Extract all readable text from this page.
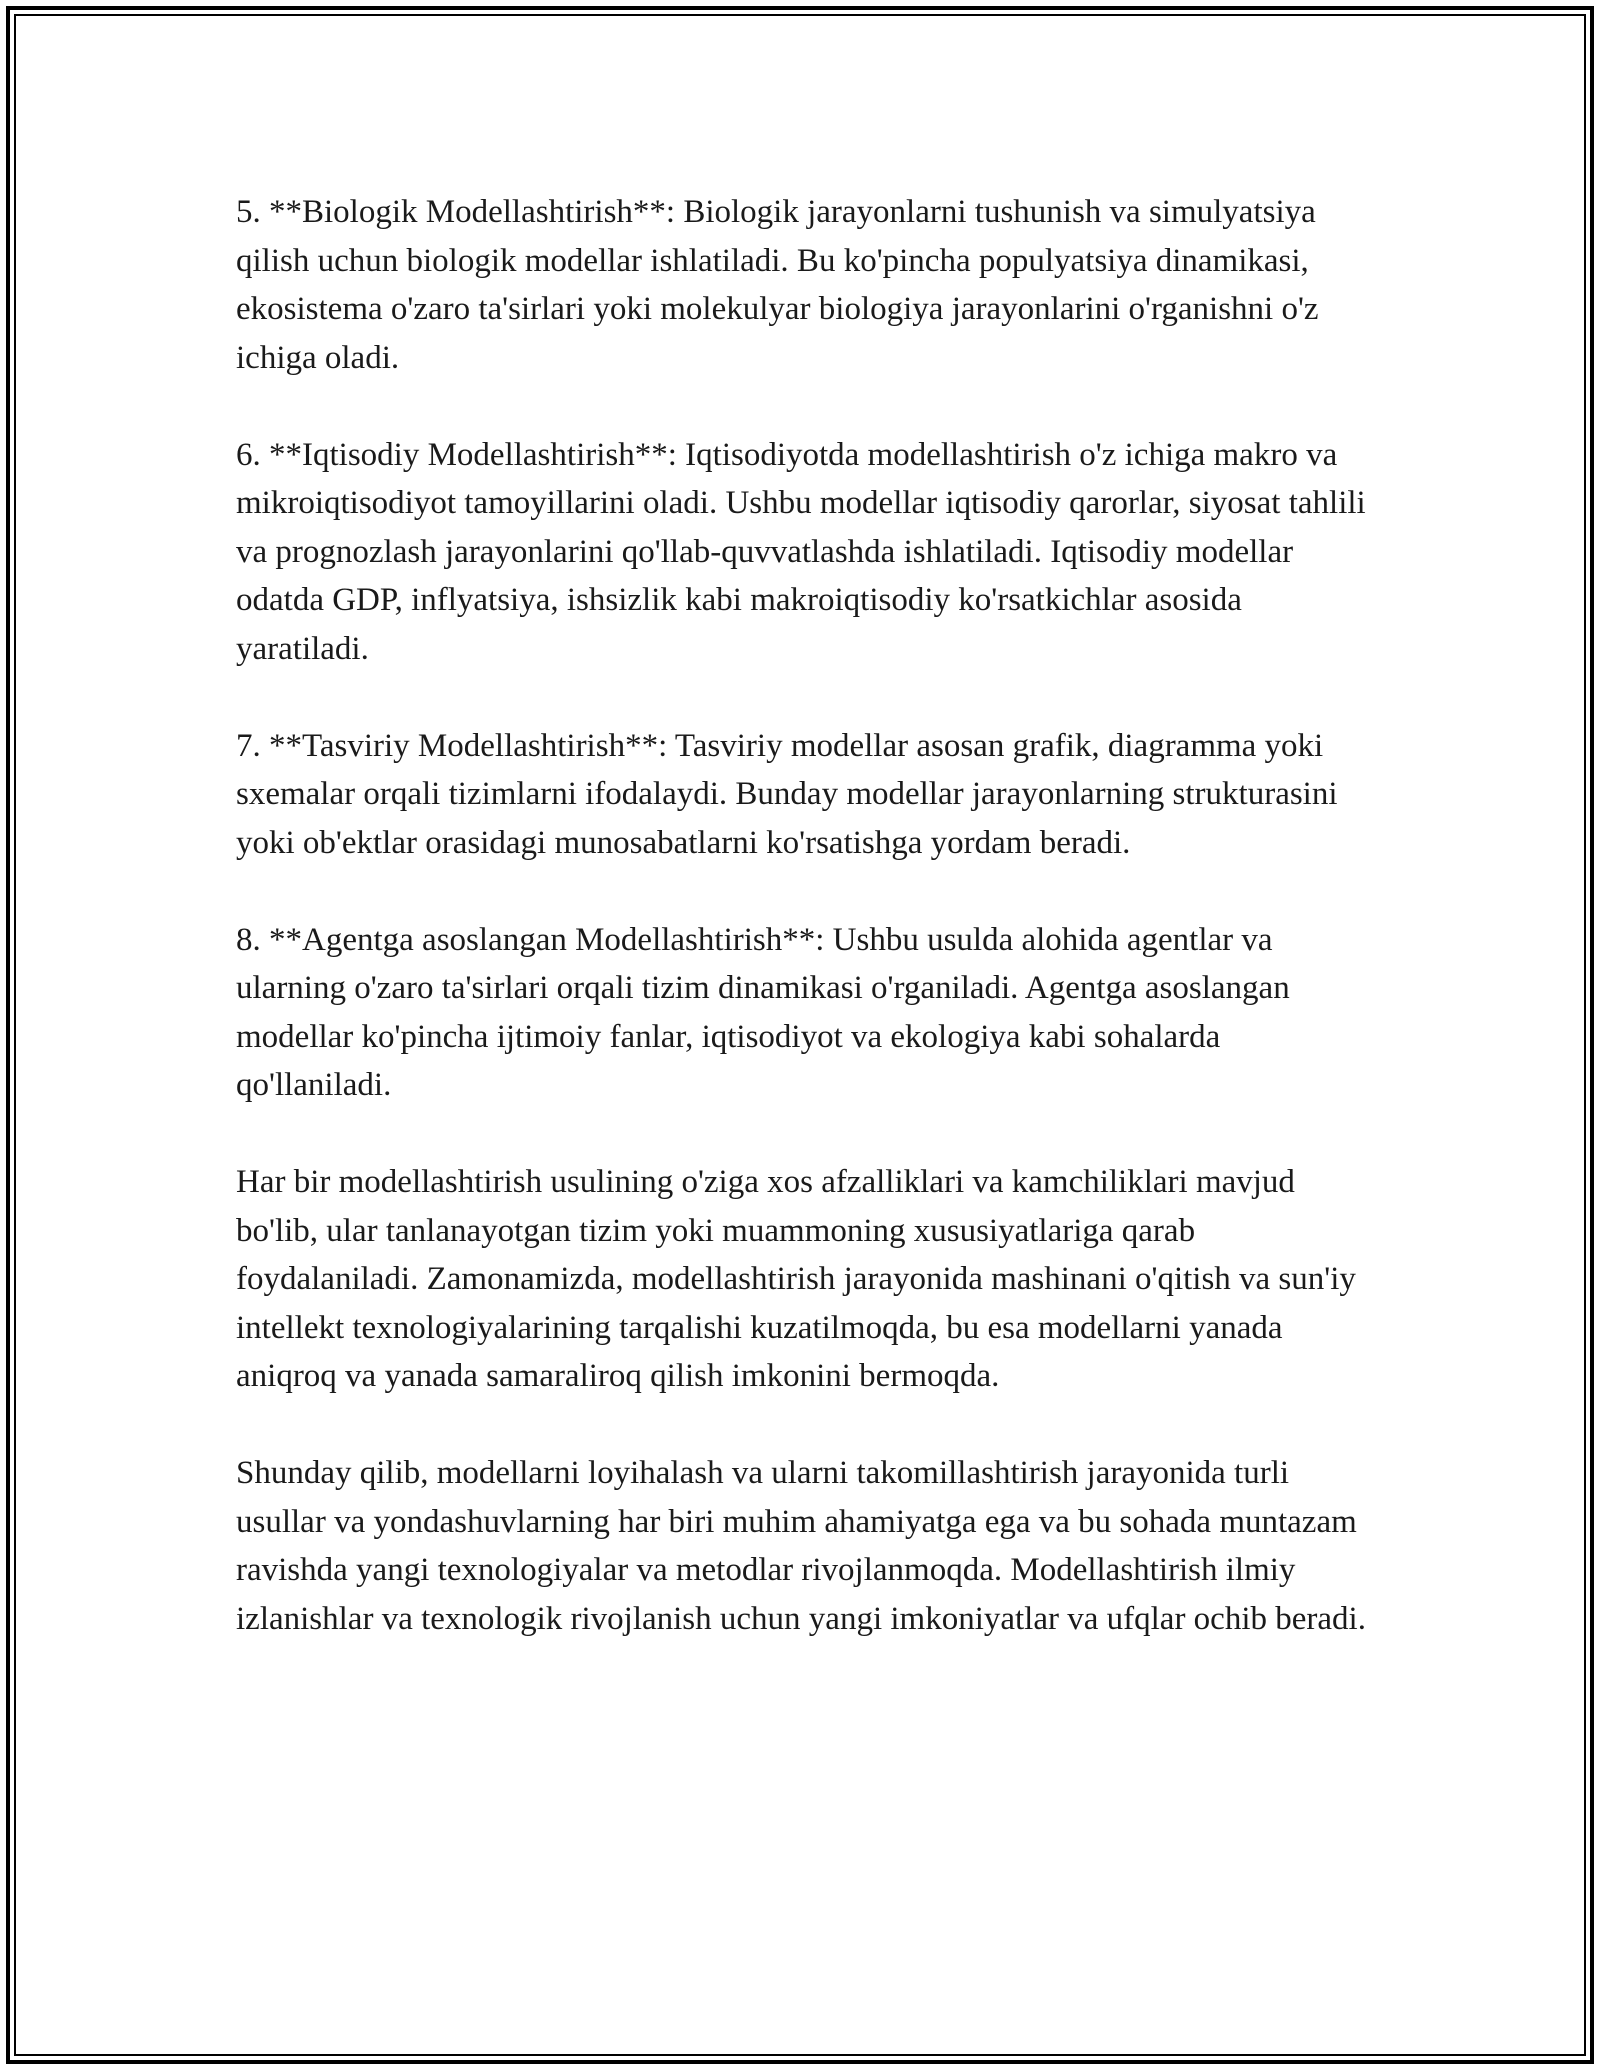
5. **Biologik Modellashtirish**: Biologik jarayonlarni tushunish va simulyatsiya qilish uchun biologik modellar ishlatiladi. Bu ko'pincha populyatsiya dinamikasi, ekosistema o'zaro ta'sirlari yoki molekulyar biologiya jarayonlarini o'rganishni o'z ichiga oladi.

6. **Iqtisodiy Modellashtirish**: Iqtisodiyotda modellashtirish o'z ichiga makro va mikroiqtisodiyot tamoyillarini oladi. Ushbu modellar iqtisodiy qarorlar, siyosat tahlili va prognozlash jarayonlarini qo'llab-quvvatlashda ishlatiladi. Iqtisodiy modellar odatda GDP, inflyatsiya, ishsizlik kabi makroiqtisodiy ko'rsatkichlar asosida yaratiladi.

7. **Tasviriy Modellashtirish**: Tasviriy modellar asosan grafik, diagramma yoki sxemalar orqali tizimlarni ifodalaydi. Bunday modellar jarayonlarning strukturasini yoki ob'ektlar orasidagi munosabatlarni ko'rsatishga yordam beradi.

8. **Agentga asoslangan Modellashtirish**: Ushbu usulda alohida agentlar va ularning o'zaro ta'sirlari orqali tizim dinamikasi o'rganiladi. Agentga asoslangan modellar ko'pincha ijtimoiy fanlar, iqtisodiyot va ekologiya kabi sohalarda qo'llaniladi.

Har bir modellashtirish usulining o'ziga xos afzalliklari va kamchiliklari mavjud bo'lib, ular tanlanayotgan tizim yoki muammoning xususiyatlariga qarab foydalaniladi. Zamonamizda, modellashtirish jarayonida mashinani o'qitish va sun'iy intellekt texnologiyalarining tarqalishi kuzatilmoqda, bu esa modellarni yanada aniqroq va yanada samaraliroq qilish imkonini bermoqda.

Shunday qilib, modellarni loyihalash va ularni takomillashtirish jarayonida turli usullar va yondashuvlarning har biri muhim ahamiyatga ega va bu sohada muntazam ravishda yangi texnologiyalar va metodlar rivojlanmoqda. Modellashtirish ilmiy izlanishlar va texnologik rivojlanish uchun yangi imkoniyatlar va ufqlar ochib beradi.
